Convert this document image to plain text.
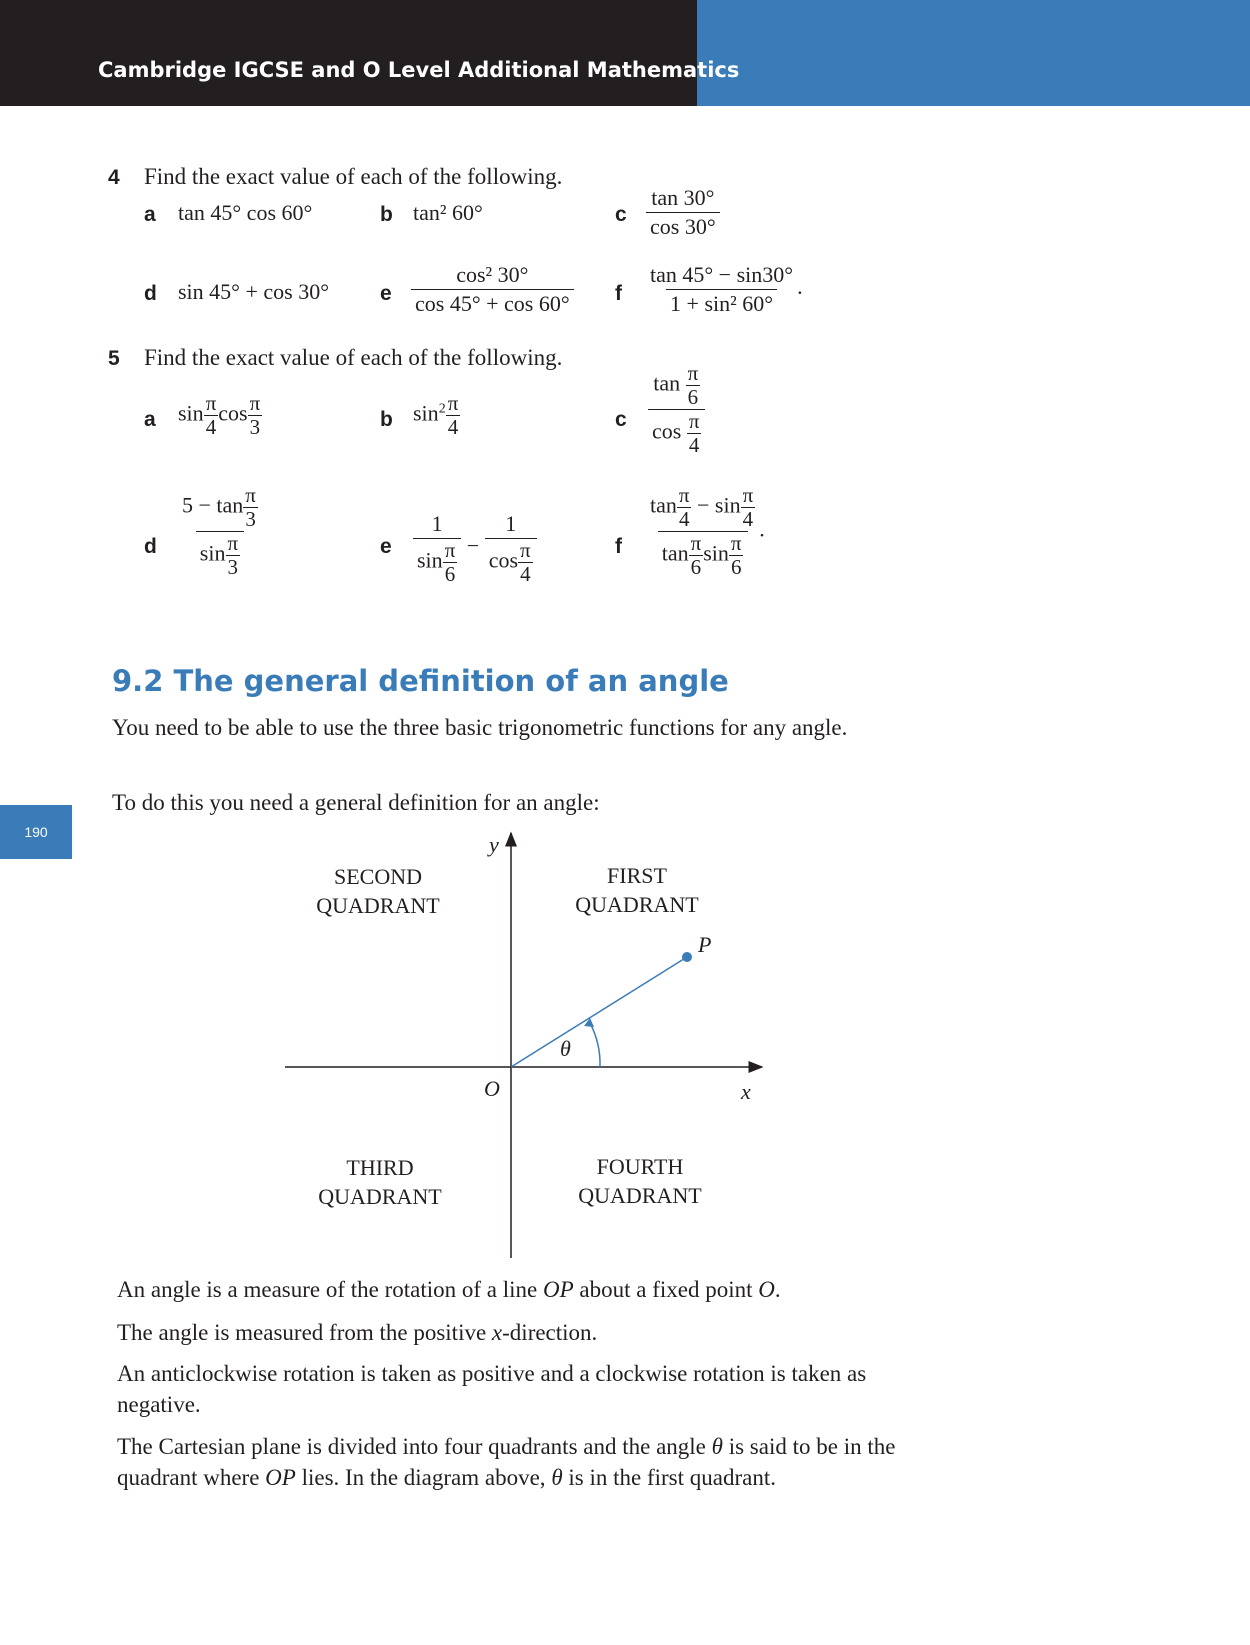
Cambridge IGCSE and O Level Additional Mathematics
190
4 Find the exact value of each of the following.
a tan 45° cos 60°	b tan² 60°	c $\frac{\tan 30^\circ}{\cos 30^\circ}$
d sin 45° + cos 30° e $\frac{\text{cos² 30°}}{\cos 45^\circ + \cos 60^\circ}$ f $\frac{\tan 45^\circ - \sin 30^\circ}{\text{1 + sin² 60°}}$ .
5 Find the exact value of each of the following.
a $\sin \frac{\pi}{4}$ $\cos \frac{\pi}{3}$	b $\sin^2 \frac{\pi}{4}$	c $\frac{\tan \frac{\pi}{6}}{\cos \frac{\pi}{4}}$
d $\frac{5 - \tan \frac{\pi}{3}}{\sin \frac{\pi}{3}}$	e $\frac{1}{\sin \frac{\pi}{6}} - \frac{1}{\cos \frac{\pi}{4}}$	f $\frac{\tan \frac{\pi}{4} - \sin \frac{\pi}{4}}{\tan \frac{\pi}{6} \sin \frac{\pi}{6}}$ .
9.2 The general definition of an angle
You need to be able to use the three basic trigonometric functions for any angle.
To do this you need a general definition for an angle:
y
x
O
P
θ
FIRST
QUADRANT
SECOND
QUADRANT
THIRD
QUADRANT
FOURTH
QUADRANT
An angle is a measure of the rotation of a line OP about a fixed point O.
The angle is measured from the positive x-direction.
An anticlockwise rotation is taken as positive and a clockwise rotation is taken as negative.
The Cartesian plane is divided into four quadrants and the angle θ is said to be in the quadrant where OP lies. In the diagram above, θ is in the first quadrant.
